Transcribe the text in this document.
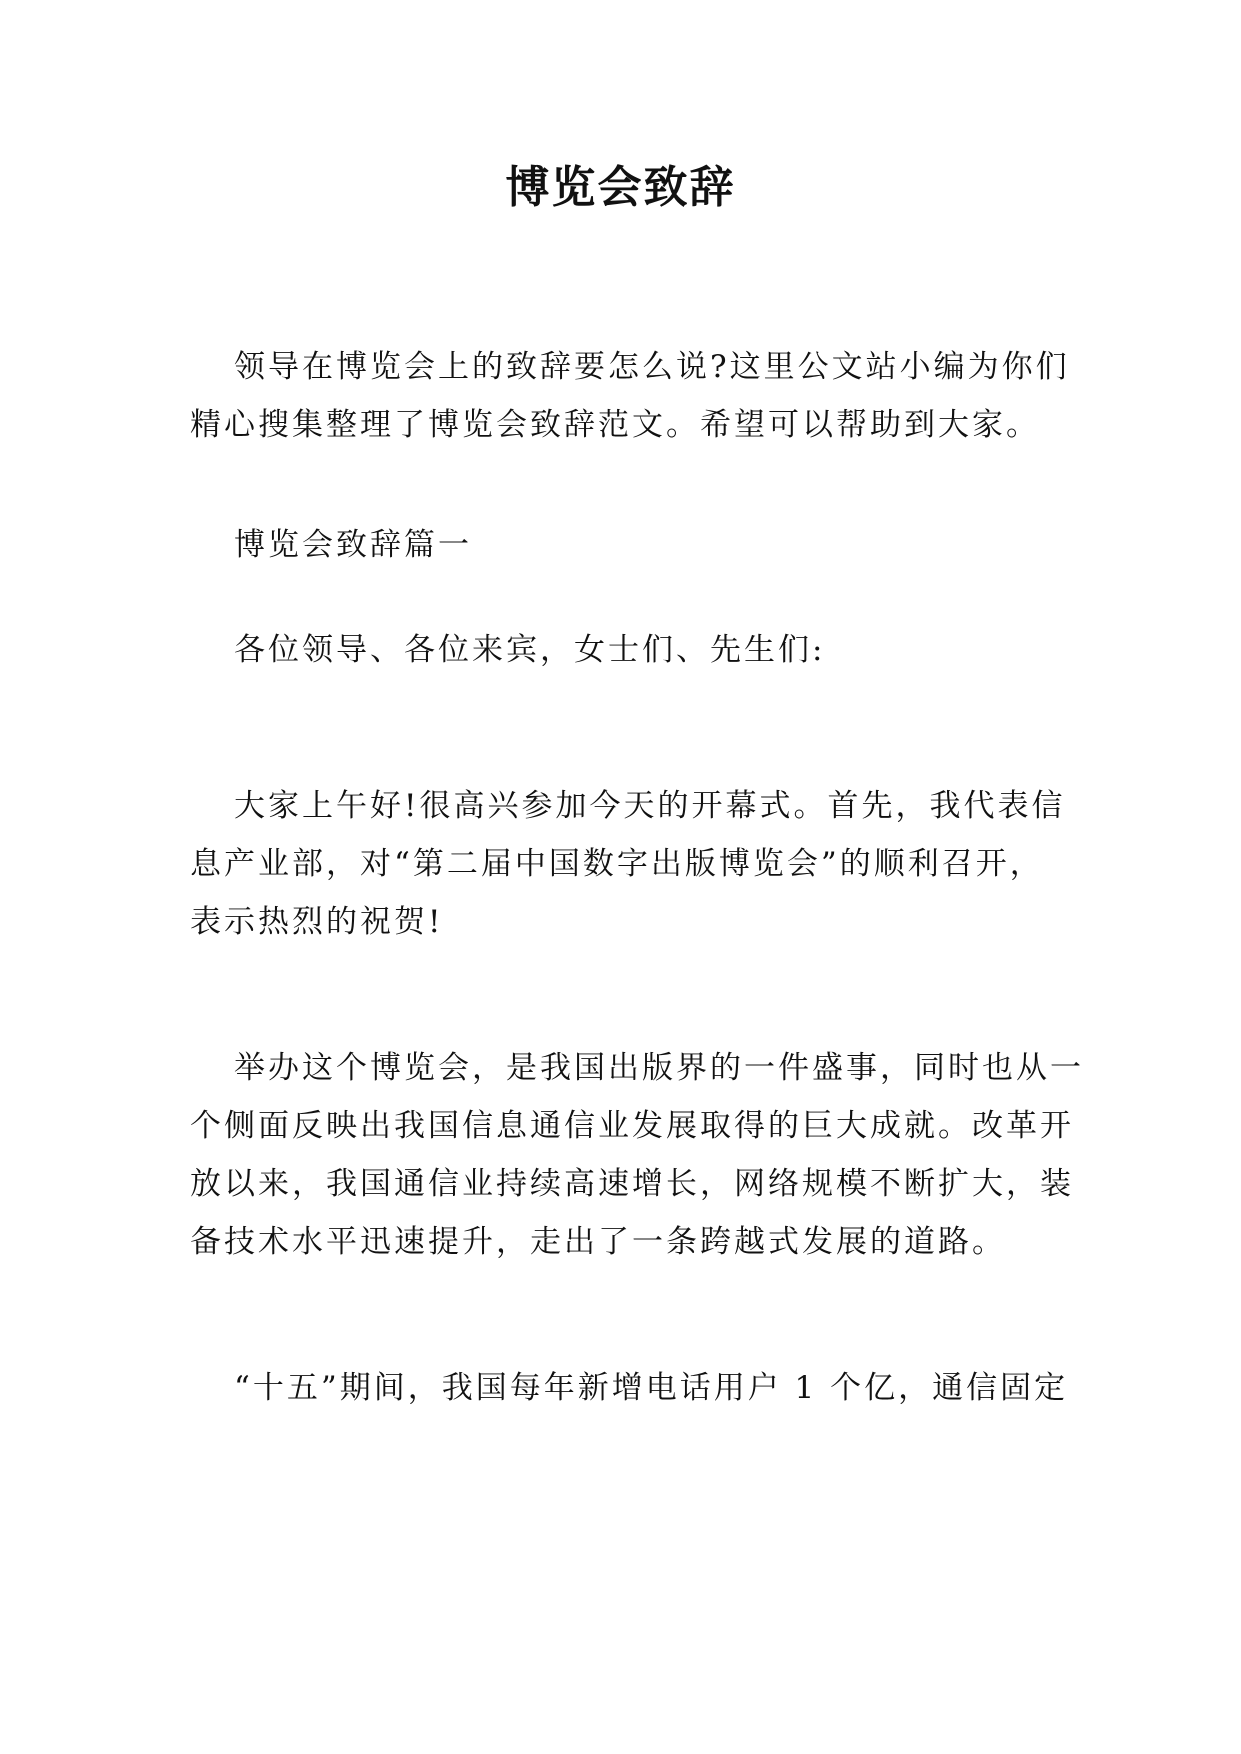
博览会致辞
领导在博览会上的致辞要怎么说?这里公文站小编为你们
精心搜集整理了博览会致辞范文。希望可以帮助到大家。
博览会致辞篇一
各位领导、各位来宾，女士们、先生们:
大家上午好!很高兴参加今天的开幕式。首先，我代表信
息产业部，对“第二届中国数字出版博览会”的顺利召开，
表示热烈的祝贺!
举办这个博览会，是我国出版界的一件盛事，同时也从一
个侧面反映出我国信息通信业发展取得的巨大成就。改革开
放以来，我国通信业持续高速增长，网络规模不断扩大，装
备技术水平迅速提升，走出了一条跨越式发展的道路。
“十五”期间，我国每年新增电话用户 1 个亿，通信固定
